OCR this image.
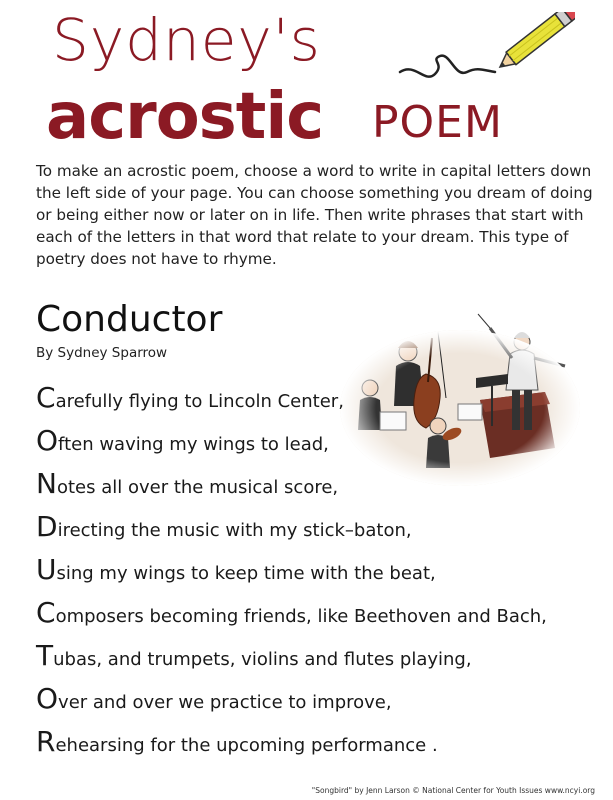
Sydney's
acrostic POEM
To make an acrostic poem, choose a word to write in capital letters down the left side of your page. You can choose something you dream of doing or being either now or later on in life. Then write phrases that start with each of the letters in that word that relate to your dream. This type of poetry does not have to rhyme.
Conductor
By Sydney Sparrow
Carefully flying to Lincoln Center,
Often waving my wings to lead,
Notes all over the musical score,
Directing the music with my stick–baton,
Using my wings to keep time with the beat,
Composers becoming friends, like Beethoven and Bach,
Tubas, and trumpets, violins and flutes playing,
Over and over we practice to improve,
Rehearsing for the upcoming performance .
"Songbird" by Jenn Larson © National Center for Youth Issues www.ncyi.org
